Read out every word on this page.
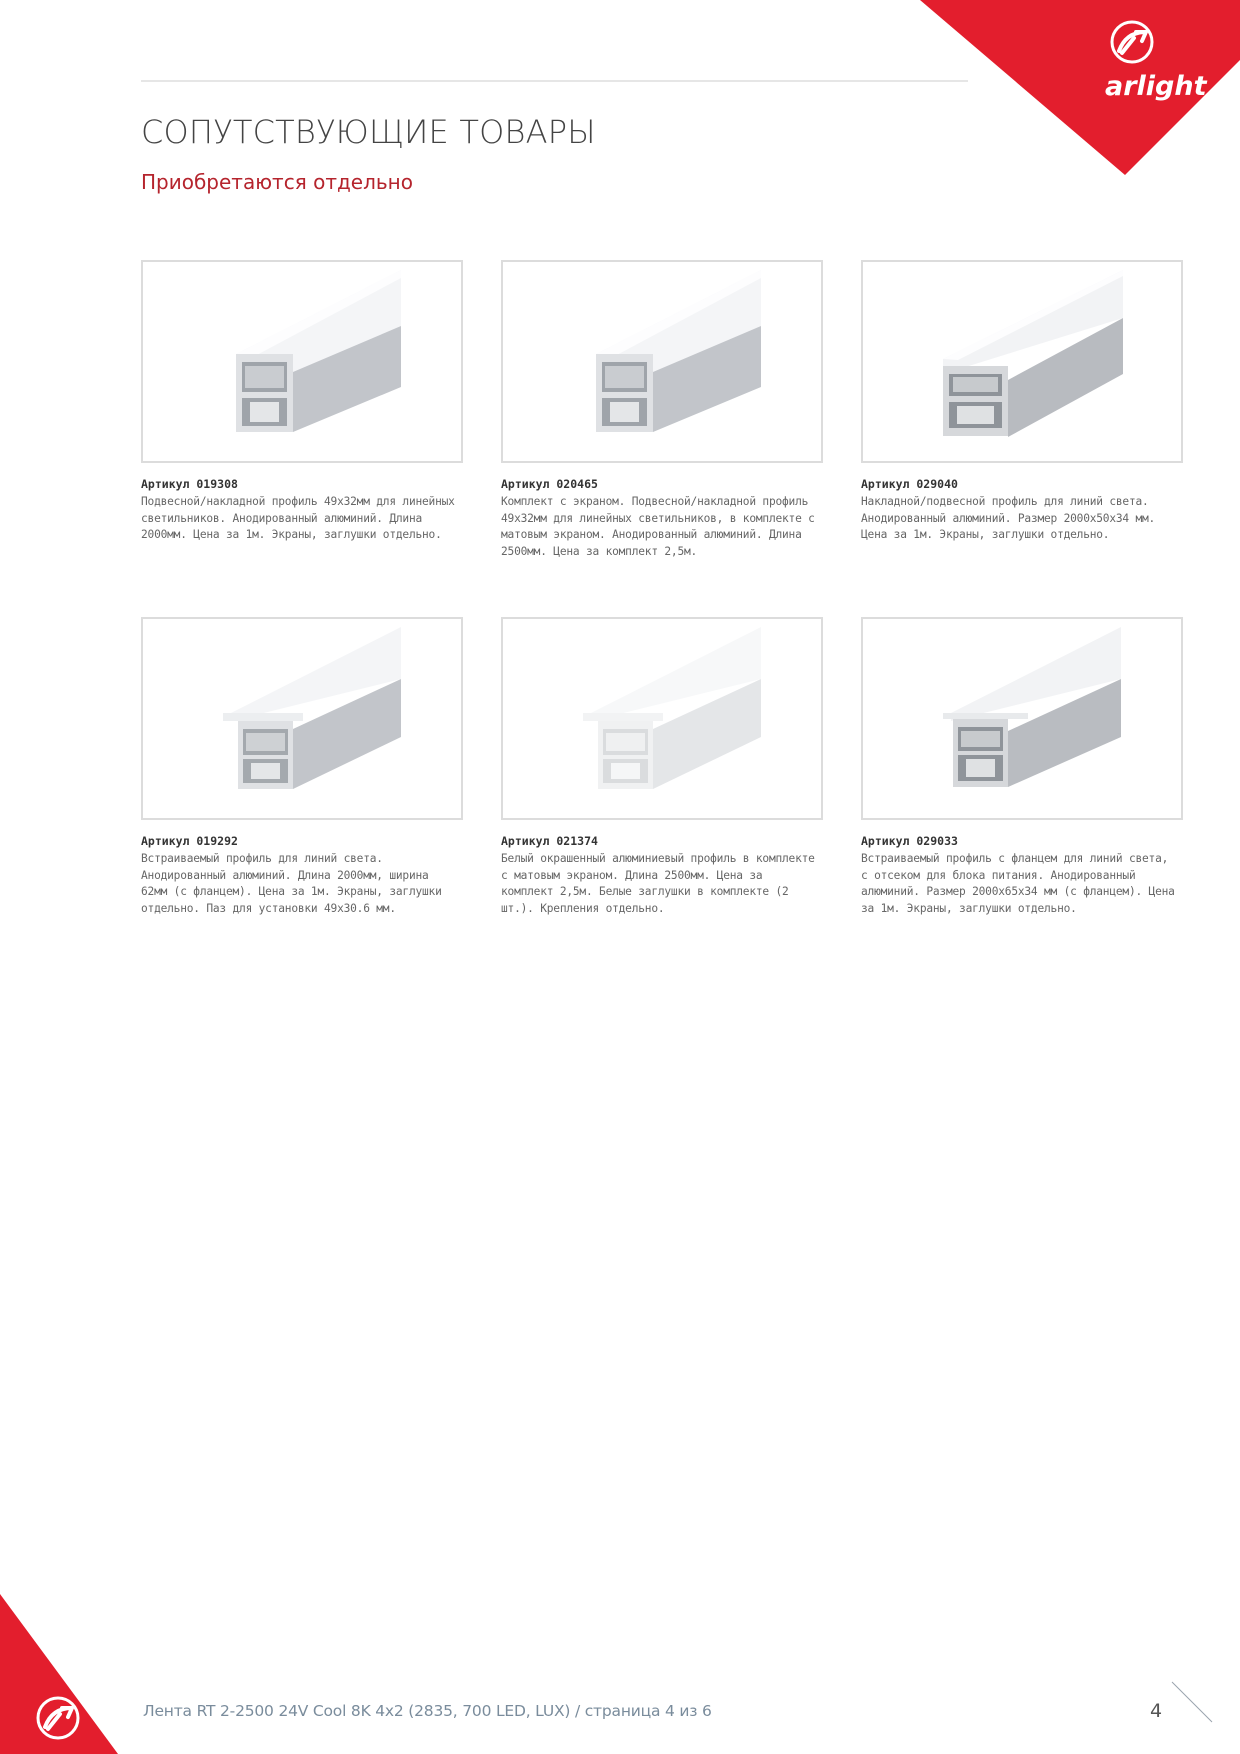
arlight
СОПУТСТВУЮЩИЕ ТОВАРЫ
Приобретаются отдельно
Артикул 019308
Подвесной/накладной профиль 49x32мм для линейных светильников. Анодированный алюминий. Длина 2000мм. Цена за 1м. Экраны, заглушки отдельно.
Артикул 020465
Комплект с экраном. Подвесной/накладной профиль 49x32мм для линейных светильников, в комплекте с матовым экраном. Анодированный алюминий. Длина 2500мм. Цена за комплект 2,5м.
Артикул 029040
Накладной/подвесной профиль для линий света. Анодированный алюминий. Размер 2000x50x34 мм. Цена за 1м. Экраны, заглушки отдельно.
Артикул 019292
Встраиваемый профиль для линий света. Анодированный алюминий. Длина 2000мм, ширина 62мм (с фланцем). Цена за 1м. Экраны, заглушки отдельно. Паз для установки 49x30.6 мм.
Артикул 021374
Белый окрашенный алюминиевый профиль в комплекте с матовым экраном. Длина 2500мм. Цена за комплект 2,5м. Белые заглушки в комплекте (2 шт.). Крепления отдельно.
Артикул 029033
Встраиваемый профиль с фланцем для линий света, с отсеком для блока питания. Анодированный алюминий. Размер 2000x65x34 мм (с фланцем). Цена за 1м. Экраны, заглушки отдельно.
Лента RT 2-2500 24V Cool 8K 4x2 (2835, 700 LED, LUX) / страница 4 из 6	4
